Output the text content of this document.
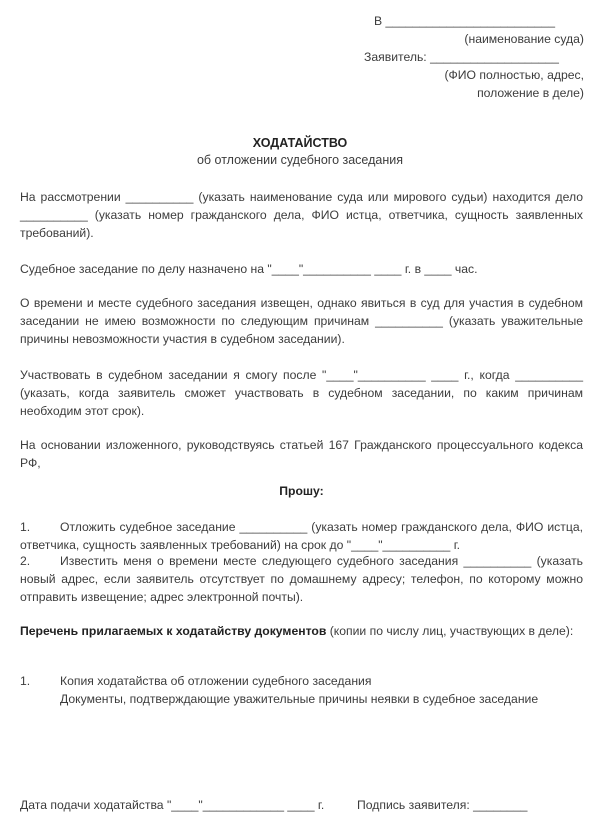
В _________________________
(наименование суда)
Заявитель: ___________________
(ФИО полностью, адрес,
положение в деле)
ХОДАТАЙСТВО
об отложении судебного заседания
На рассмотрении __________ (указать наименование суда или мирового судьи) находится дело __________ (указать номер гражданского дела, ФИО истца, ответчика, сущность заявленных требований).
Судебное заседание по делу назначено на "____"__________ ____ г. в ____ час.
О времени и месте судебного заседания извещен, однако явиться в суд для участия в судебном заседании не имею возможности по следующим причинам __________ (указать уважительные причины невозможности участия в судебном заседании).
Участвовать в судебном заседании я смогу после "____"__________ ____ г., когда __________ (указать, когда заявитель сможет участвовать в судебном заседании, по каким причинам необходим этот срок).
На основании изложенного, руководствуясь статьей 167 Гражданского процессуального кодекса РФ,
Прошу:
1. Отложить судебное заседание __________ (указать номер гражданского дела, ФИО истца, ответчика, сущность заявленных требований) на срок до "____"__________ г.
2. Известить меня о времени месте следующего судебного заседания __________ (указать новый адрес, если заявитель отсутствует по домашнему адресу; телефон, по которому можно отправить извещение; адрес электронной почты).
Перечень прилагаемых к ходатайству документов (копии по числу лиц, участвующих в деле):
1. Копия ходатайства об отложении судебного заседания
Документы, подтверждающие уважительные причины неявки в судебное заседание
Дата подачи ходатайства "____"____________ ____ г.	Подпись заявителя: ________
